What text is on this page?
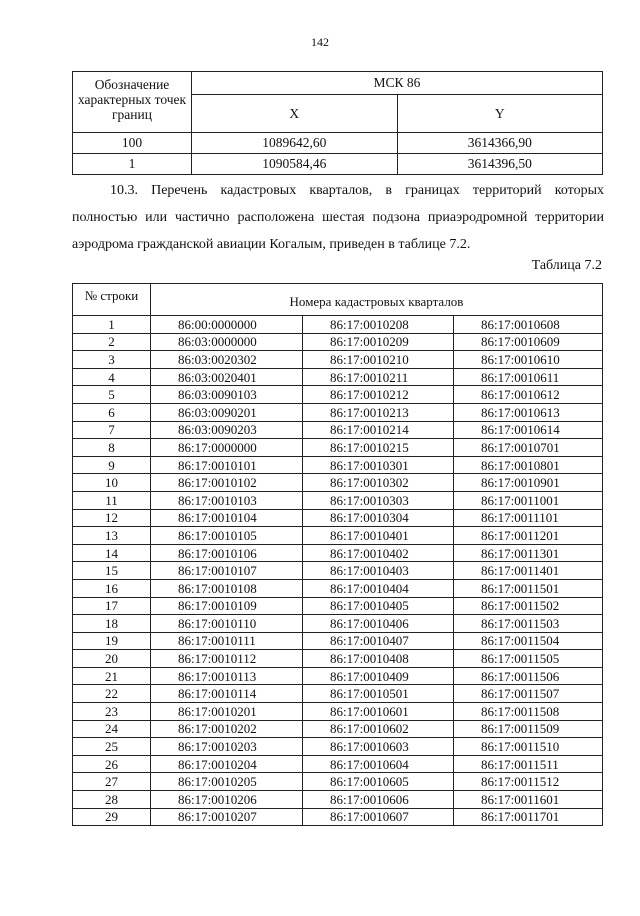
142
Обозначение характерных точек границ	МСК 86	
	X	Y
100	1089642,60	3614366,90
1	1090584,46	3614396,50

10.3. Перечень кадастровых кварталов, в границах территорий которых полностью или частично расположена шестая подзона приаэродромной территории аэродрома гражданской авиации Когалым, приведен в таблице 7.2.

Таблица 7.2
№ строки	Номера кадастровых кварталов		
1	86:00:0000000	86:17:0010208	86:17:0010608
2	86:03:0000000	86:17:0010209	86:17:0010609
3	86:03:0020302	86:17:0010210	86:17:0010610
4	86:03:0020401	86:17:0010211	86:17:0010611
5	86:03:0090103	86:17:0010212	86:17:0010612
6	86:03:0090201	86:17:0010213	86:17:0010613
7	86:03:0090203	86:17:0010214	86:17:0010614
8	86:17:0000000	86:17:0010215	86:17:0010701
9	86:17:0010101	86:17:0010301	86:17:0010801
10	86:17:0010102	86:17:0010302	86:17:0010901
11	86:17:0010103	86:17:0010303	86:17:0011001
12	86:17:0010104	86:17:0010304	86:17:0011101
13	86:17:0010105	86:17:0010401	86:17:0011201
14	86:17:0010106	86:17:0010402	86:17:0011301
15	86:17:0010107	86:17:0010403	86:17:0011401
16	86:17:0010108	86:17:0010404	86:17:0011501
17	86:17:0010109	86:17:0010405	86:17:0011502
18	86:17:0010110	86:17:0010406	86:17:0011503
19	86:17:0010111	86:17:0010407	86:17:0011504
20	86:17:0010112	86:17:0010408	86:17:0011505
21	86:17:0010113	86:17:0010409	86:17:0011506
22	86:17:0010114	86:17:0010501	86:17:0011507
23	86:17:0010201	86:17:0010601	86:17:0011508
24	86:17:0010202	86:17:0010602	86:17:0011509
25	86:17:0010203	86:17:0010603	86:17:0011510
26	86:17:0010204	86:17:0010604	86:17:0011511
27	86:17:0010205	86:17:0010605	86:17:0011512
28	86:17:0010206	86:17:0010606	86:17:0011601
29	86:17:0010207	86:17:0010607	86:17:0011701
